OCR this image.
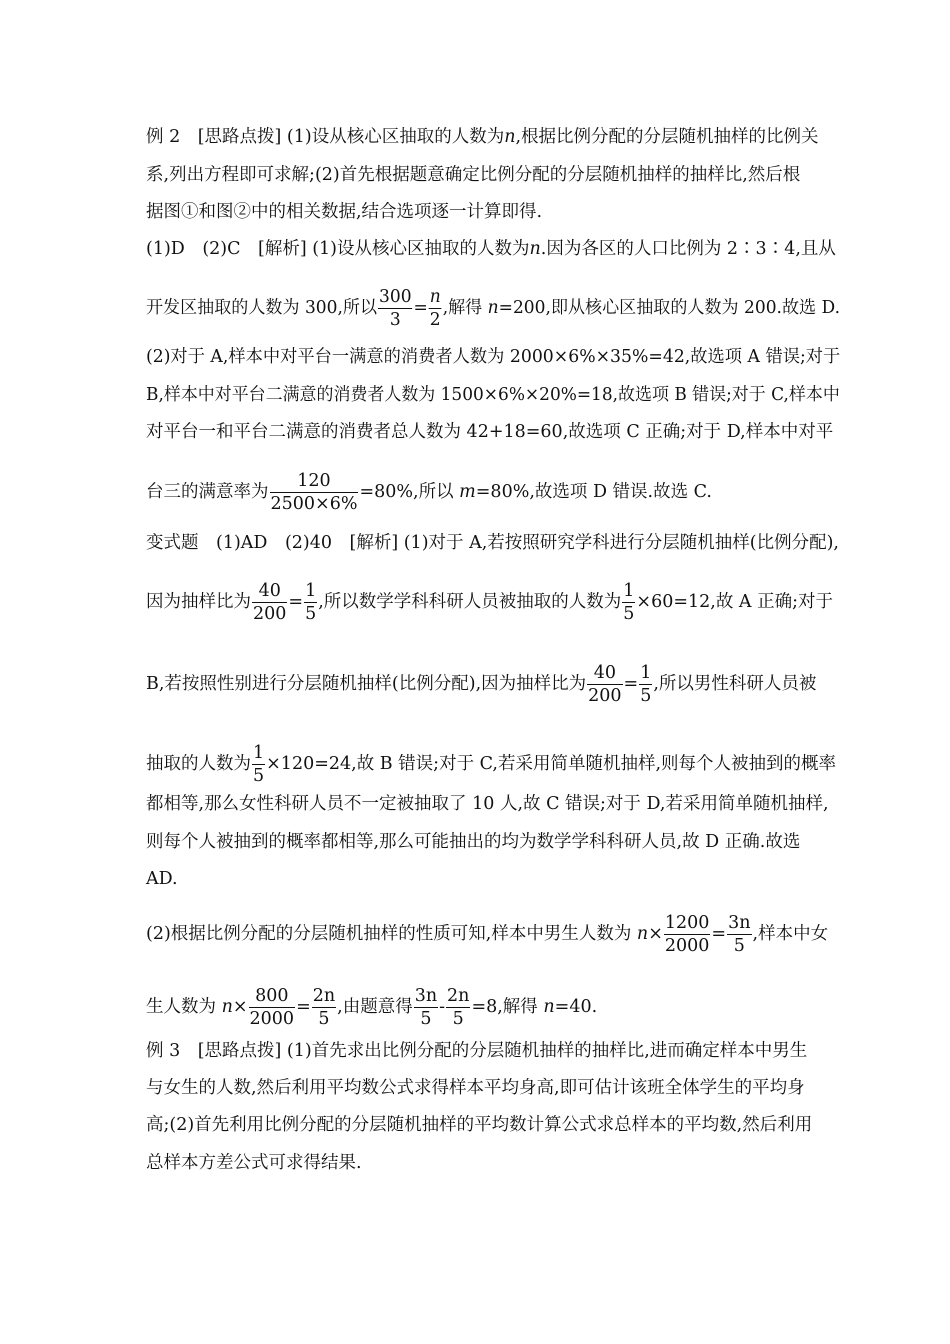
例 2　[思路点拨] (1)设从核心区抽取的人数为n,根据比例分配的分层随机抽样的比例关
系,列出方程即可求解;(2)首先根据题意确定比例分配的分层随机抽样的抽样比,然后根
据图①和图②中的相关数据,结合选项逐一计算即得.
(1)D　(2)C　[解析] (1)设从核心区抽取的人数为n.因为各区的人口比例为 2∶3∶4,且从
开发区抽取的人数为 300,所以 $\frac{300}{3} = \frac{n}{2}$ ,解得 n=200,即从核心区抽取的人数为 200.故选 D.
(2)对于 A,样本中对平台一满意的消费者人数为 2000×6%×35%=42,故选项 A 错误;对于
B,样本中对平台二满意的消费者人数为 1500×6%×20%=18,故选项 B 错误;对于 C,样本中
对平台一和平台二满意的消费者总人数为 42+18=60,故选项 C 正确;对于 D,样本中对平
台三的满意率为 $\frac{120}{2500\times 6\%} =80\%$,所以 m=80%,故选项 D 错误.故选 C.
变式题　(1)AD　(2)40　[解析] (1)对于 A,若按照研究学科进行分层随机抽样(比例分配),
因为抽样比为 $\frac{40}{200} = \frac{1}{5}$ ,所以数学学科科研人员被抽取的人数为 $\frac{1}{5} \times 60=12$,故 A 正确;对于
B,若按照性别进行分层随机抽样(比例分配),因为抽样比为 $\frac{40}{200} = \frac{1}{5}$ ,所以男性科研人员被
抽取的人数为 $\frac{1}{5} \times 120=24$,故 B 错误;对于 C,若采用简单随机抽样,则每个人被抽到的概率
都相等,那么女性科研人员不一定被抽取了 10 人,故 C 错误;对于 D,若采用简单随机抽样,
则每个人被抽到的概率都相等,那么可能抽出的均为数学学科科研人员,故 D 正确.故选
AD.
(2)根据比例分配的分层随机抽样的性质可知,样本中男生人数为 $n\times \frac{1200}{2000} = \frac{3n}{5}$ ,样本中女
生人数为 $n\times \frac{800}{2000} = \frac{2n}{5}$ ,由题意得 $\frac{3n}{5} - \frac{2n}{5} =8$,解得 n=40.
例 3　[思路点拨] (1)首先求出比例分配的分层随机抽样的抽样比,进而确定样本中男生
与女生的人数,然后利用平均数公式求得样本平均身高,即可估计该班全体学生的平均身
高;(2)首先利用比例分配的分层随机抽样的平均数计算公式求总样本的平均数,然后利用
总样本方差公式可求得结果.
